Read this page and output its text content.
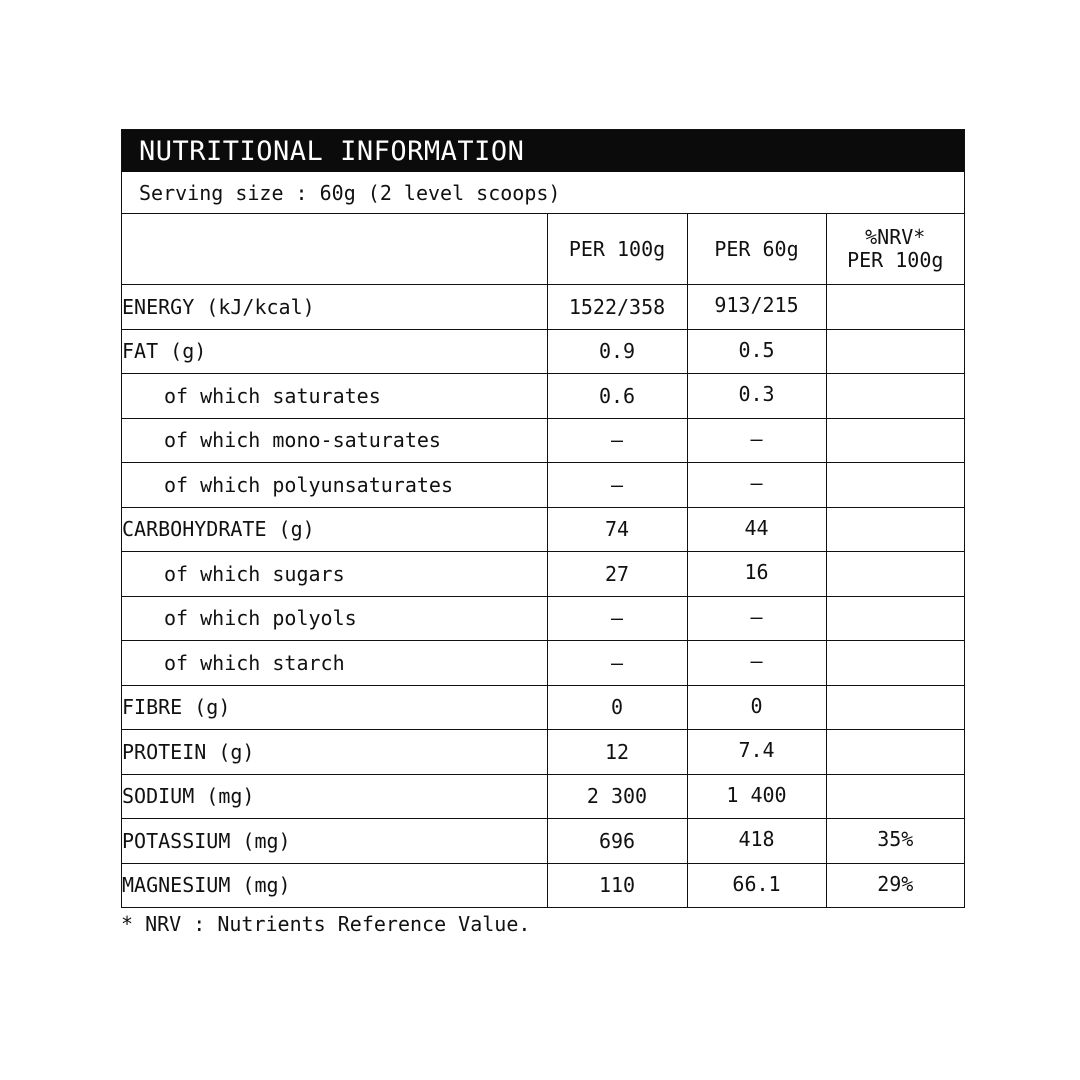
NUTRITIONAL INFORMATION
Serving size : 60g (2 level scoops)
	PER 100g	PER 60g	%NRV*
PER 100g

ENERGY (kJ/kcal)	1522/358	913/215	
FAT (g)	0.9	0.5	
of which saturates	0.6	0.3	
of which mono-saturates	–	–	
of which polyunsaturates	–	–	
CARBOHYDRATE (g)	74	44	
of which sugars	27	16	
of which polyols	–	–	
of which starch	–	–	
FIBRE (g)	0	0	
PROTEIN (g)	12	7.4	
SODIUM (mg)	2 300	1 400	
POTASSIUM (mg)	696	418	35%
MAGNESIUM (mg)	110	66.1	29%
* NRV : Nutrients Reference Value.
